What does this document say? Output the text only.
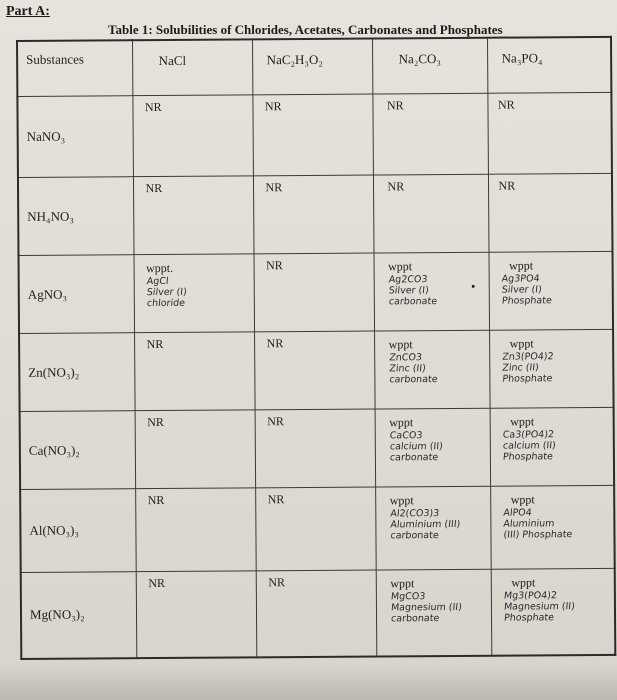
Part A:
Table 1: Solubilities of Chlorides, Acetates, Carbonates and Phosphates
Substances	NaCl	NaC₂H₃O₂	Na₂CO₃	Na₃PO₄

NaNO₃	NR	NR	NR	NR

NH₄NO₃	NR	NR	NR	NR

AgNO₃	wppt.
AgCl
Silver (I)
chloride	NR	wppt
Ag2CO3
Silver (I)
carbonate	wppt
Ag3PO4
Silver (I)
Phosphate

Zn(NO₃)₂	NR	NR	wppt
ZnCO3
Zinc (II)
carbonate	wppt
Zn3(PO4)2
Zinc (II)
Phosphate

Ca(NO₃)₂	NR	NR	wppt
CaCO3
calcium (II)
carbonate	wppt
Ca3(PO4)2
calcium (II)
Phosphate

Al(NO₃)₃	NR	NR	wppt
Al2(CO3)3
Aluminium (III)
carbonate	wppt
AlPO4
Aluminium
(III) Phosphate

Mg(NO₃)₂	NR	NR	wppt
MgCO3
Magnesium (II)
carbonate	wppt
Mg3(PO4)2
Magnesium (II)
Phosphate
